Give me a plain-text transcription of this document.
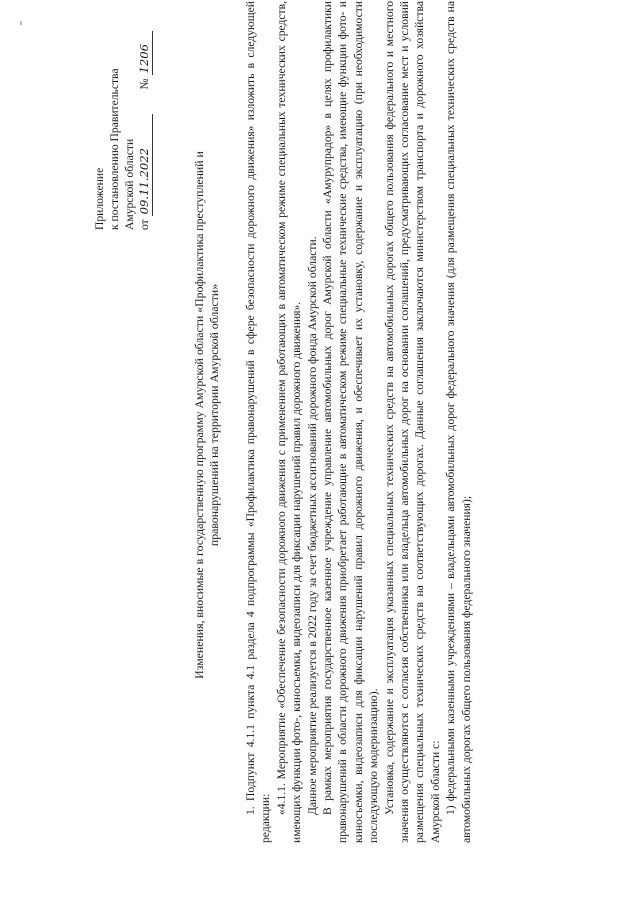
Приложение к постановлению Правительства Амурской области от 09.11.2022 № 1206
Изменения, вносимые в государственную программу Амурской области «Профилактика преступлений и правонарушений на территории Амурской области» 1. Подпункт 4.1.1 пункта 4.1 раздела 4 подпрограммы «Профилактика правонарушений в сфере безопасности дорожного движения» изложить в следующей редакции:

«4.1.1. Мероприятие «Обеспечение безопасности дорожного движения с применением работающих в автоматическом режиме специальных технических средств, имеющих функции фото-, киносъемки, видеозаписи для фиксации нарушений правил дорожного движения». Данное мероприятие реализуется в 2022 году за счет бюджетных ассигнований дорожного фонда Амурской области. В рамках мероприятия государственное казенное учреждение управление автомобильных дорог Амурской области «Амурупрадор» в целях профилактики правонарушений в области дорожного движения приобретает работающие в автоматическом режиме специальные технические средства, имеющие функции фото- и киносъемки, видеозаписи для фиксации нарушений правил дорожного движения, и обеспечивает их установку, содержание и эксплуатацию (при необходимости последующую модернизацию). Установка, содержание и эксплуатация указанных специальных технических средств на автомобильных дорогах общего пользования федерального и местного значения осуществляются с согласия собственника или владельца автомобильных дорог на основании соглашений, предусматривающих согласование мест и условий размещения специальных технических средств на соответствующих дорогах. Данные соглашения заключаются министерством транспорта и дорожного хозяйства Амурской области с: 1) федеральными казенными учреждениями – владельцами автомобильных дорог федерального значения (для размещения специальных технических средств на автомобильных дорогах общего пользования федерального значения);
